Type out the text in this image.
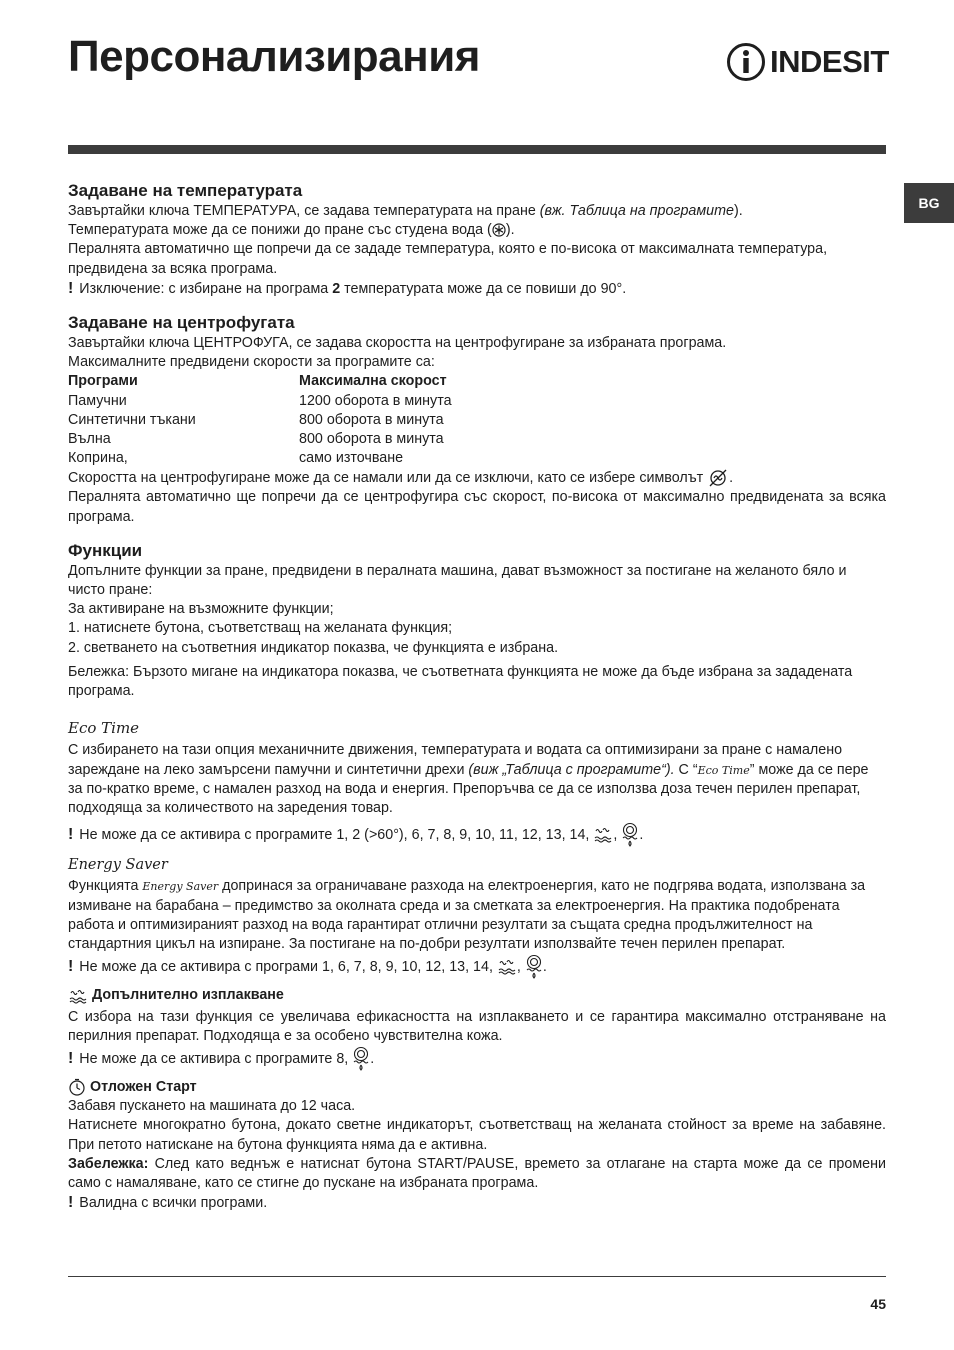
Персонализирания	INDESIT
BG
Задаване на температурата

Завъртайки ключа ТЕМПЕРАТУРА, се задава температурата на пране (вж. Таблица на програмите).

Температурата може да се понижи до пране със студена вода ( ).

Пералнята автоматично ще попречи да се зададе температура, която е по-висока от максималната температура, предвидена за всяка програма.

! Изключение: с избиране на програма 2 температурата може да се повиши до 90°.

Задаване на центрофугата

Завъртайки ключа ЦЕНТРОФУГА, се задава скоростта на центрофугиране за избраната програма.

Максималните предвидени скорости за програмите са:

Програми	Максимална скорост
Памучни	1200 оборота в минута
Синтетични тъкани	800 оборота в минута
Вълна	800 оборота в минута
Коприна,	само източване

Скоростта на центрофугиране може да се намали или да се изключи, като се избере символът .

Пералнята автоматично ще попречи да се центрофугира със скорост, по-висока от максимално предвидената за всяка програма.

Функции

Допълните функции за пране, предвидени в пералната машина, дават възможност за постигане на желаното бяло и чисто пране:

За активиране на възможните функции;

1. натиснете бутона, съответстващ на желаната функция;

2. светването на съответния индикатор показва, че функцията е избрана.

Бележка: Бързото мигане на индикатора показва, че съответната функцията не може да бъде избрана за зададената програма.

Eco Time

С избирането на тази опция механичните движения, температурата и водата са оптимизирани за пране с намалено зареждане на леко замърсени памучни и синтетични дрехи (виж „Таблица с програмите“). С “Eco Time” може да се пере за по-кратко време, с намален разход на вода и енергия. Препоръчва се да се използва доза течен перилен препарат, подходяща за количеството на заредения товар.

! Не може да се активира с програмите 1, 2 (>60°), 6, 7, 8, 9, 10, 11, 12, 13, 14, , .

Energy Saver

Функцията Energy Saver допринася за ограничаване разхода на електроенергия, като не подгрява водата, използвана за измиване на барабана – предимство за околната среда и за сметката за електроенергия. На практика подобрената работа и оптимизираният разход на вода гарантират отлични резултати за същата средна продължителност на стандартния цикъл на изпиране. За постигане на по-добри резултати използвайте течен перилен препарат.

! Не може да се активира с програми 1, 6, 7, 8, 9, 10, 12, 13, 14, , .

Допълнително изплакване

С избора на тази функция се увеличава ефикасността на изплакването и се гарантира максимално отстраняване на перилния препарат. Подходяща е за особено чувствителна кожа.

! Не може да се активира с програмите 8, .

Отложен Старт

Забавя пускането на машината до 12 часа.

Натиснете многократно бутона, докато светне индикаторът, съответстващ на желаната стойност за време на забавяне. При петото натискане на бутона функцията няма да е активна.

Забележка: След като веднъж е натиснат бутона START/PAUSE, времето за отлагане на старта може да се промени само с намаляване, като се стигне до пускане на избраната програма.

! Валидна с всички програми.

45
